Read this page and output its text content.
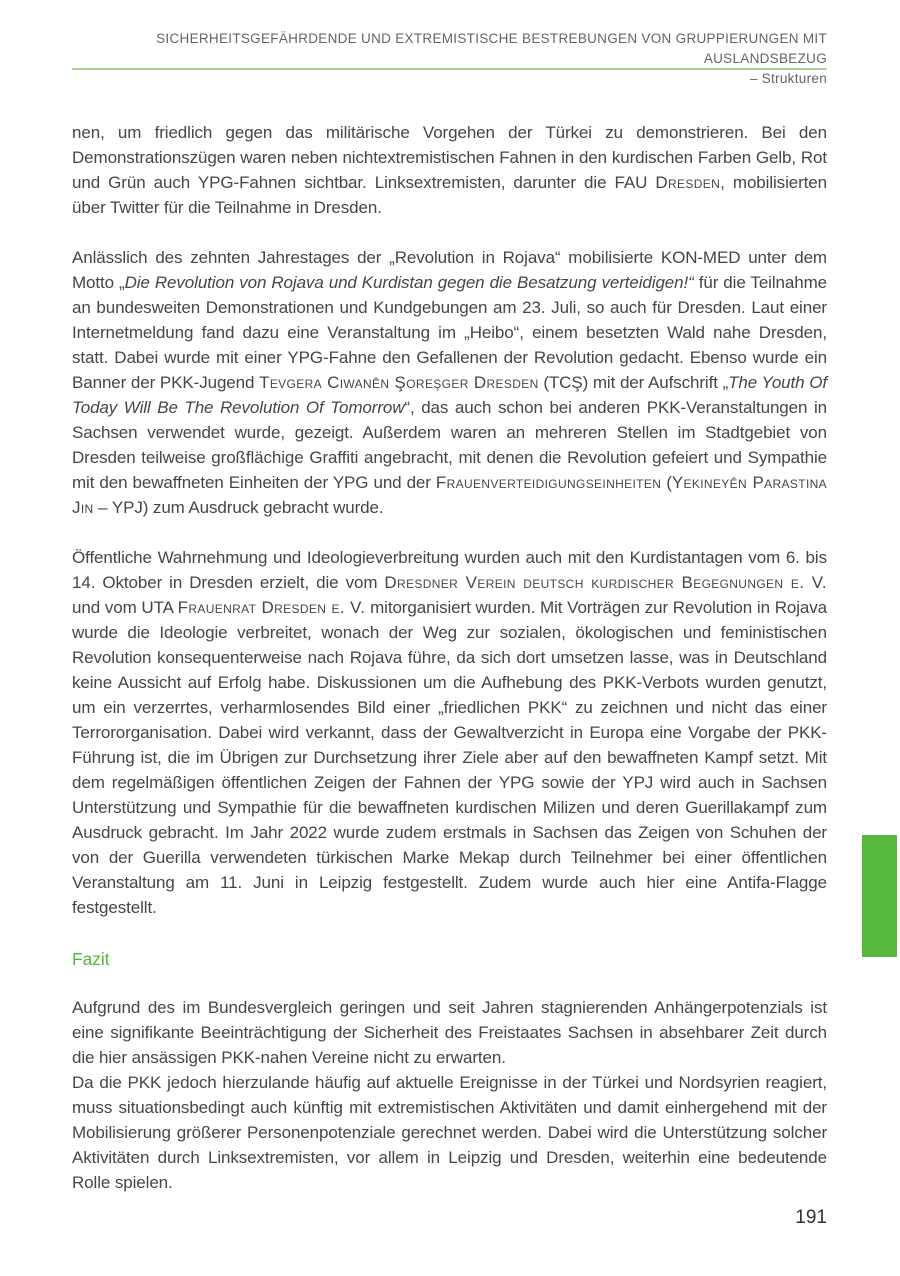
SICHERHEITSGEFÄHRDENDE UND EXTREMISTISCHE BESTREBUNGEN VON GRUPPIERUNGEN MIT AUSLANDSBEZUG
– Strukturen

nen, um friedlich gegen das militärische Vorgehen der Türkei zu demonstrieren. Bei den Demonstrationszügen waren neben nichtextremistischen Fahnen in den kurdischen Farben Gelb, Rot und Grün auch YPG-Fahnen sichtbar. Linksextremisten, darunter die FAU Dresden, mobilisierten über Twitter für die Teilnahme in Dresden.

Anlässlich des zehnten Jahrestages der „Revolution in Rojava“ mobilisierte KON-MED unter dem Motto „Die Revolution von Rojava und Kurdistan gegen die Besatzung verteidigen!“ für die Teilnahme an bundesweiten Demonstrationen und Kundgebungen am 23. Juli, so auch für Dresden. Laut einer Internetmeldung fand dazu eine Veranstaltung im „Heibo“, einem besetzten Wald nahe Dresden, statt. Dabei wurde mit einer YPG-Fahne den Gefallenen der Revolution gedacht. Ebenso wurde ein Banner der PKK-Jugend Tevgera Ciwanên Şoreşger Dresden (TCŞ) mit der Aufschrift „The Youth Of Today Will Be The Revolution Of Tomorrow“, das auch schon bei anderen PKK-Veranstaltungen in Sachsen verwendet wurde, gezeigt. Außerdem waren an mehreren Stellen im Stadtgebiet von Dresden teilweise großflächige Graffiti angebracht, mit denen die Revolution gefeiert und Sympathie mit den bewaffneten Einheiten der YPG und der Frauenverteidigungseinheiten (Yekineyên Parastina Jin – YPJ) zum Ausdruck gebracht wurde.

Öffentliche Wahrnehmung und Ideologieverbreitung wurden auch mit den Kurdistantagen vom 6. bis 14. Oktober in Dresden erzielt, die vom Dresdner Verein deutsch kurdischer Begegnungen e. V. und vom UTA Frauenrat Dresden e. V. mitorganisiert wurden. Mit Vorträgen zur Revolution in Rojava wurde die Ideologie verbreitet, wonach der Weg zur sozialen, ökologischen und feministischen Revolution konsequenterweise nach Rojava führe, da sich dort umsetzen lasse, was in Deutschland keine Aussicht auf Erfolg habe. Diskussionen um die Aufhebung des PKK-Verbots wurden genutzt, um ein verzerrtes, verharmlosendes Bild einer „friedlichen PKK“ zu zeichnen und nicht das einer Terrororganisation. Dabei wird verkannt, dass der Gewaltverzicht in Europa eine Vorgabe der PKK-Führung ist, die im Übrigen zur Durchsetzung ihrer Ziele aber auf den bewaffneten Kampf setzt. Mit dem regelmäßigen öffentlichen Zeigen der Fahnen der YPG sowie der YPJ wird auch in Sachsen Unterstützung und Sympathie für die bewaffneten kurdischen Milizen und deren Guerillakampf zum Ausdruck gebracht. Im Jahr 2022 wurde zudem erstmals in Sachsen das Zeigen von Schuhen der von der Guerilla verwendeten türkischen Marke Mekap durch Teilnehmer bei einer öffentlichen Veranstaltung am 11. Juni in Leipzig festgestellt. Zudem wurde auch hier eine Antifa-Flagge festgestellt.

Fazit

Aufgrund des im Bundesvergleich geringen und seit Jahren stagnierenden Anhängerpotenzials ist eine signifikante Beeinträchtigung der Sicherheit des Freistaates Sachsen in absehbarer Zeit durch die hier ansässigen PKK-nahen Vereine nicht zu erwarten.

Da die PKK jedoch hierzulande häufig auf aktuelle Ereignisse in der Türkei und Nordsyrien reagiert, muss situationsbedingt auch künftig mit extremistischen Aktivitäten und damit einhergehend mit der Mobilisierung größerer Personenpotenziale gerechnet werden. Dabei wird die Unterstützung solcher Aktivitäten durch Linksextremisten, vor allem in Leipzig und Dresden, weiterhin eine bedeutende Rolle spielen.

191
